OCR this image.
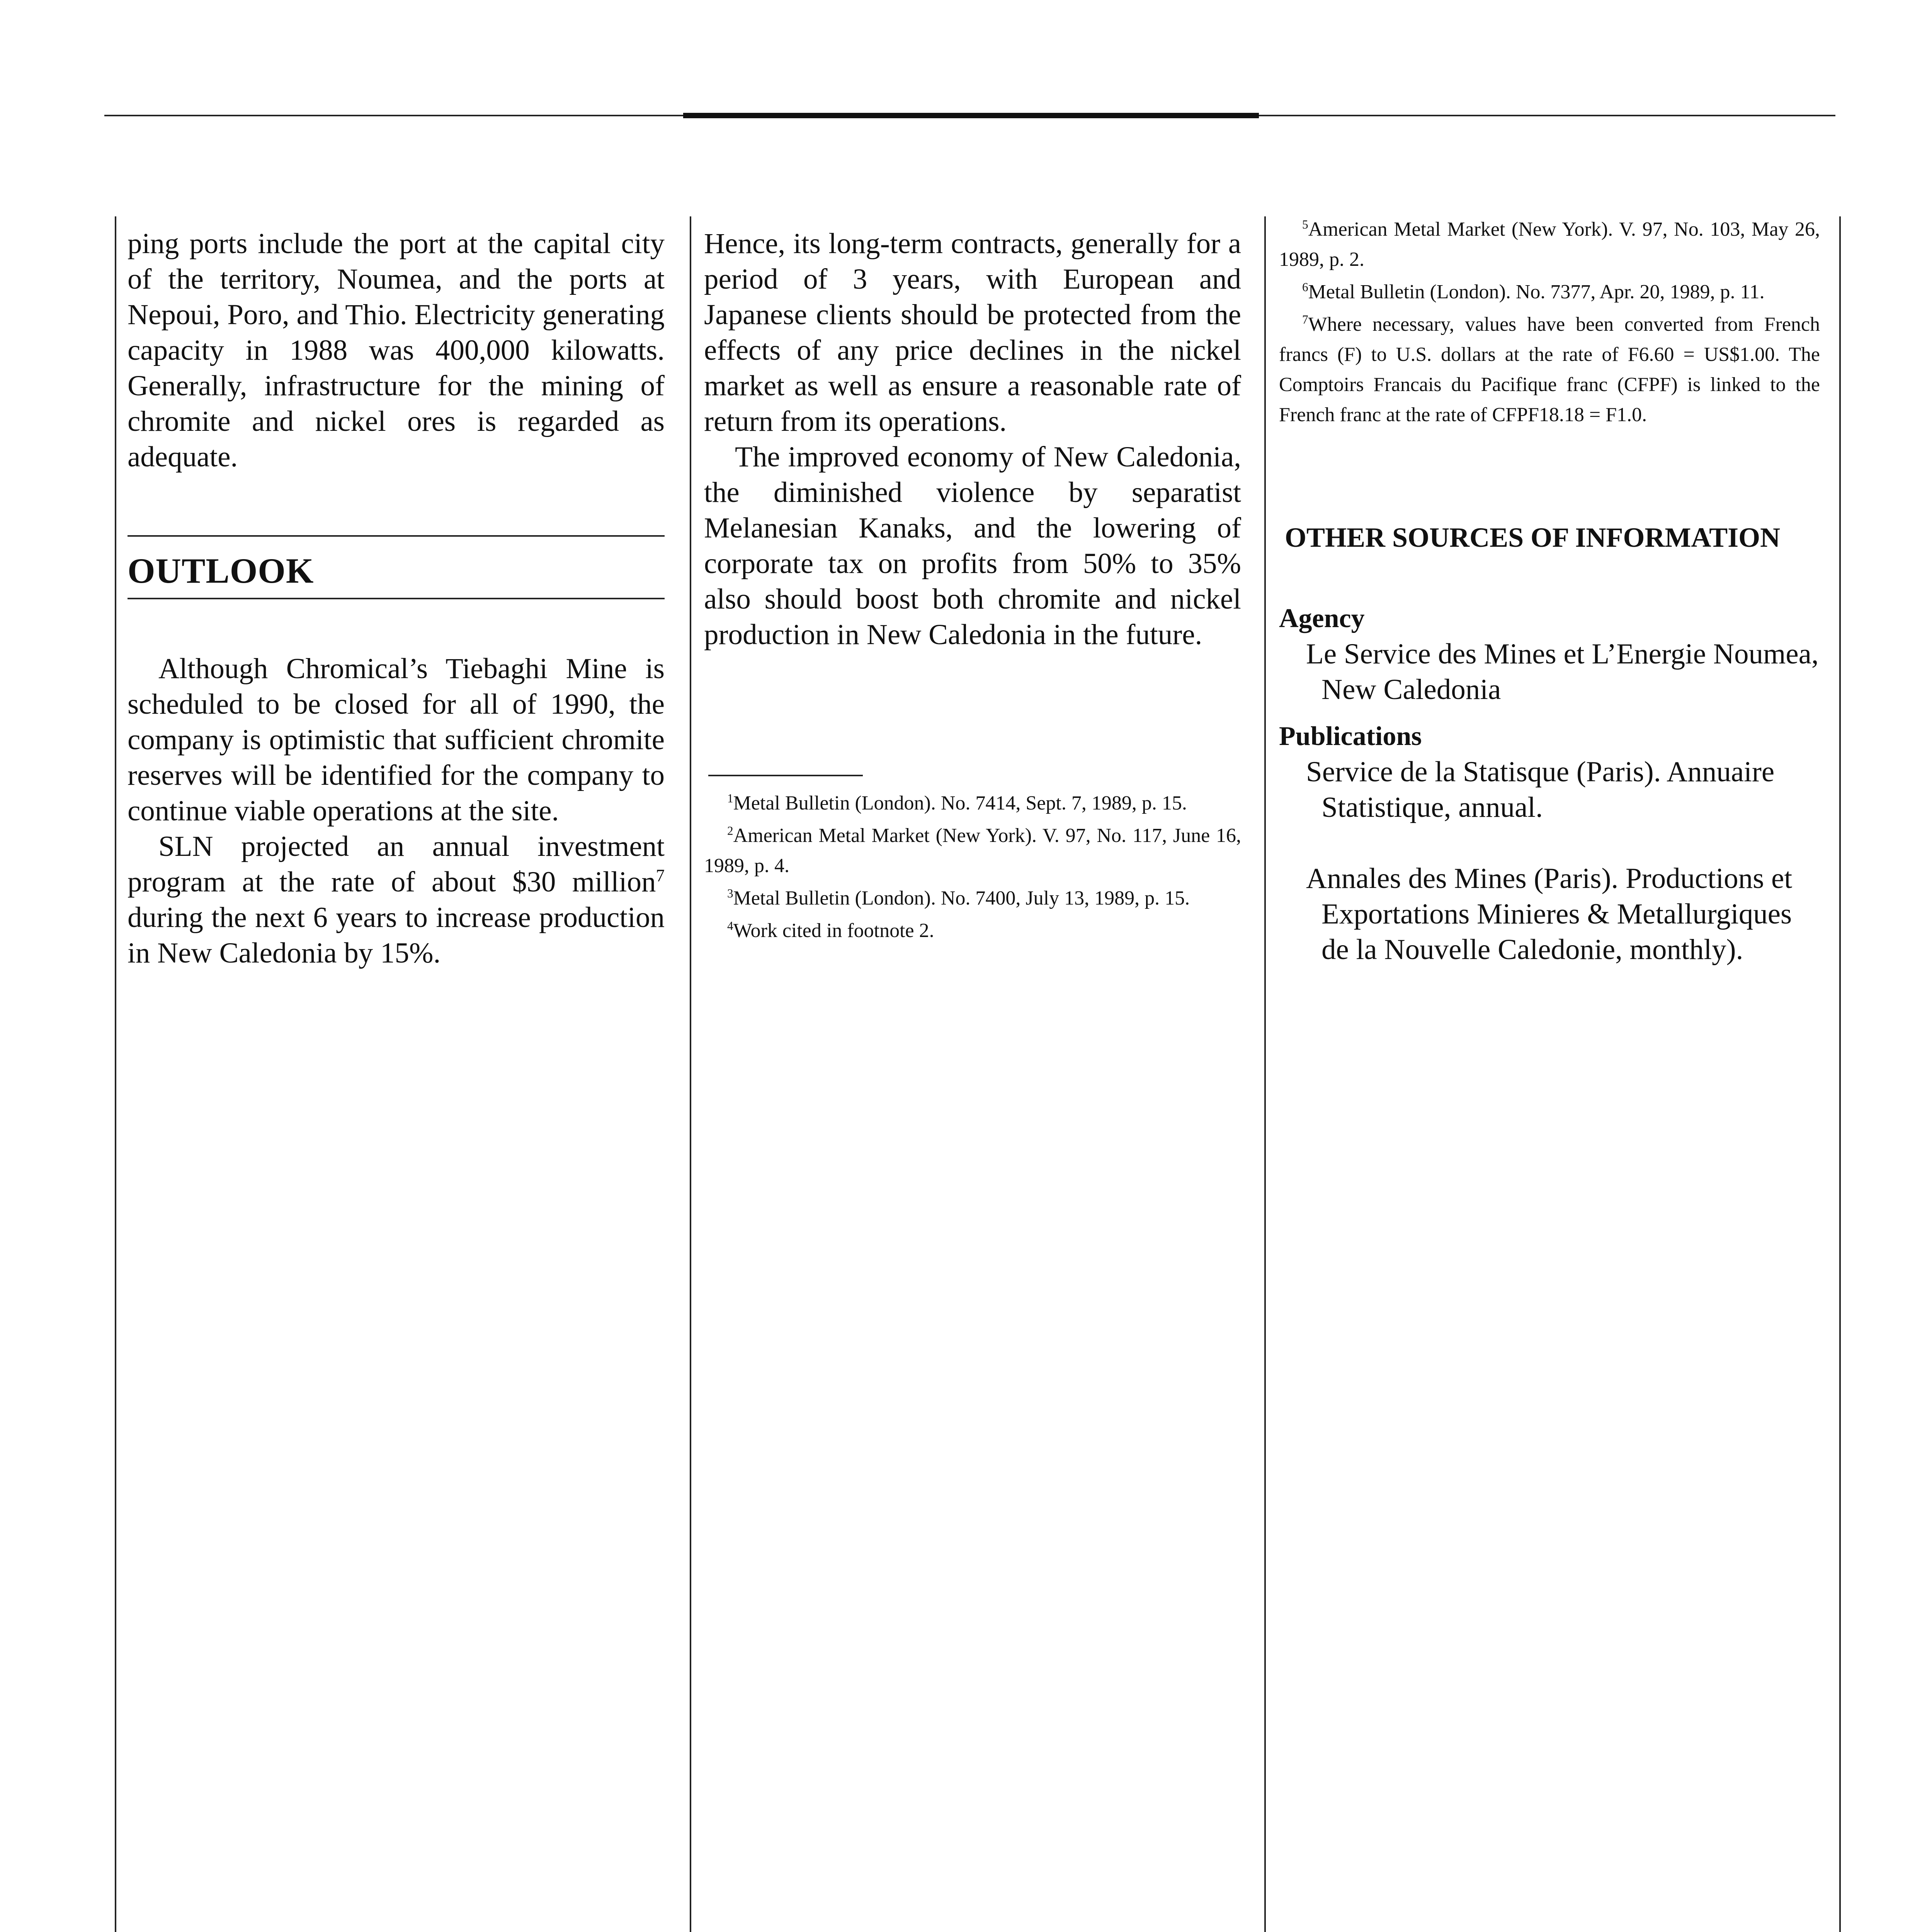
ping ports include the port at the capital city of the territory, Noumea, and the ports at Nepoui, Poro, and Thio. Electricity generating capacity in 1988 was 400,000 kilowatts. Generally, infrastructure for the mining of chromite and nickel ores is regarded as adequate.

OUTLOOK

Although Chromical’s Tiebaghi Mine is scheduled to be closed for all of 1990, the company is optimistic that sufficient chromite reserves will be identified for the company to continue viable operations at the site.

SLN projected an annual investment program at the rate of about $30 million$^7$ during the next 6 years to increase production in New Caledonia by 15%.

Hence, its long-term contracts, generally for a period of 3 years, with European and Japanese clients should be protected from the effects of any price declines in the nickel market as well as ensure a reasonable rate of return from its operations.

The improved economy of New Caledonia, the diminished violence by separatist Melanesian Kanaks, and the lowering of corporate tax on profits from 50% to 35% also should boost both chromite and nickel production in New Caledonia in the future.

$^1$Metal Bulletin (London). No. 7414, Sept. 7, 1989, p. 15.

$^2$American Metal Market (New York). V. 97, No. 117, June 16, 1989, p. 4.

$^3$Metal Bulletin (London). No. 7400, July 13, 1989, p. 15.

$^4$Work cited in footnote 2.

$^5$American Metal Market (New York). V. 97, No. 103, May 26, 1989, p. 2.

$^6$Metal Bulletin (London). No. 7377, Apr. 20, 1989, p. 11.

$^7$Where necessary, values have been converted from French francs (F) to U.S. dollars at the rate of F6.60 = US$1.00. The Comptoirs Francais du Pacifique franc (CFPF) is linked to the French franc at the rate of CFPF18.18 = F1.0.

OTHER SOURCES OF INFORMATION
Agency
Le Service des Mines et L’Energie Noumea, New Caledonia
Publications
Service de la Statisque (Paris). Annuaire Statistique, annual.
Annales des Mines (Paris). Productions et Exportations Minieres & Metallurgiques de la Nouvelle Caledonie, monthly).
